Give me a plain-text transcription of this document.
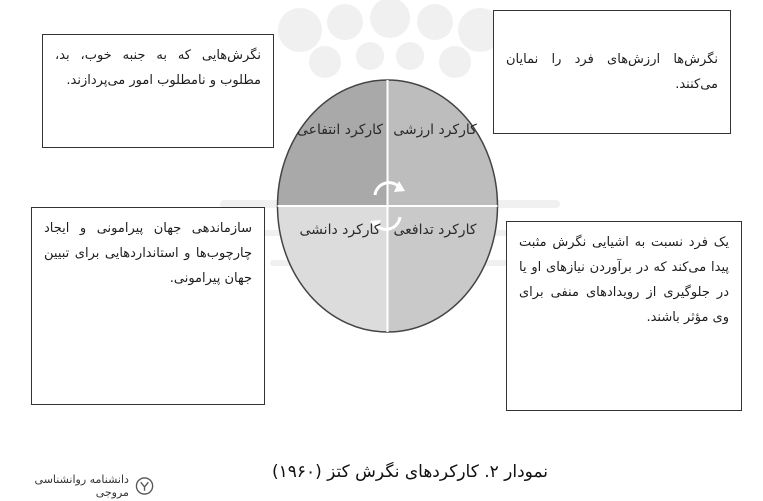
کارکرد انتفاعی کارکرد ارزشی
کارکرد دانشی کارکرد تدافعی
نگرش‌هایی که به جنبه خوب، بد، مطلوب و نامطلوب امور می‌پردازند.
نگرش‌ها ارزش‌های فرد را نمایان می‌کنند.
سازماندهی جهان پیرامونی و ایجاد چارچوب‌ها و استانداردهایی برای تبیین جهان پیرامونی.
یک فرد نسبت به اشیایی نگرش مثبت پیدا می‌کند که در برآوردن نیازهای او یا در جلوگیری از رویدادهای منفی برای وی مؤثر باشند.
نمودار ۲. کارکردهای نگرش کتز (۱۹۶۰)
دانشنامه روانشناسی مروجی
